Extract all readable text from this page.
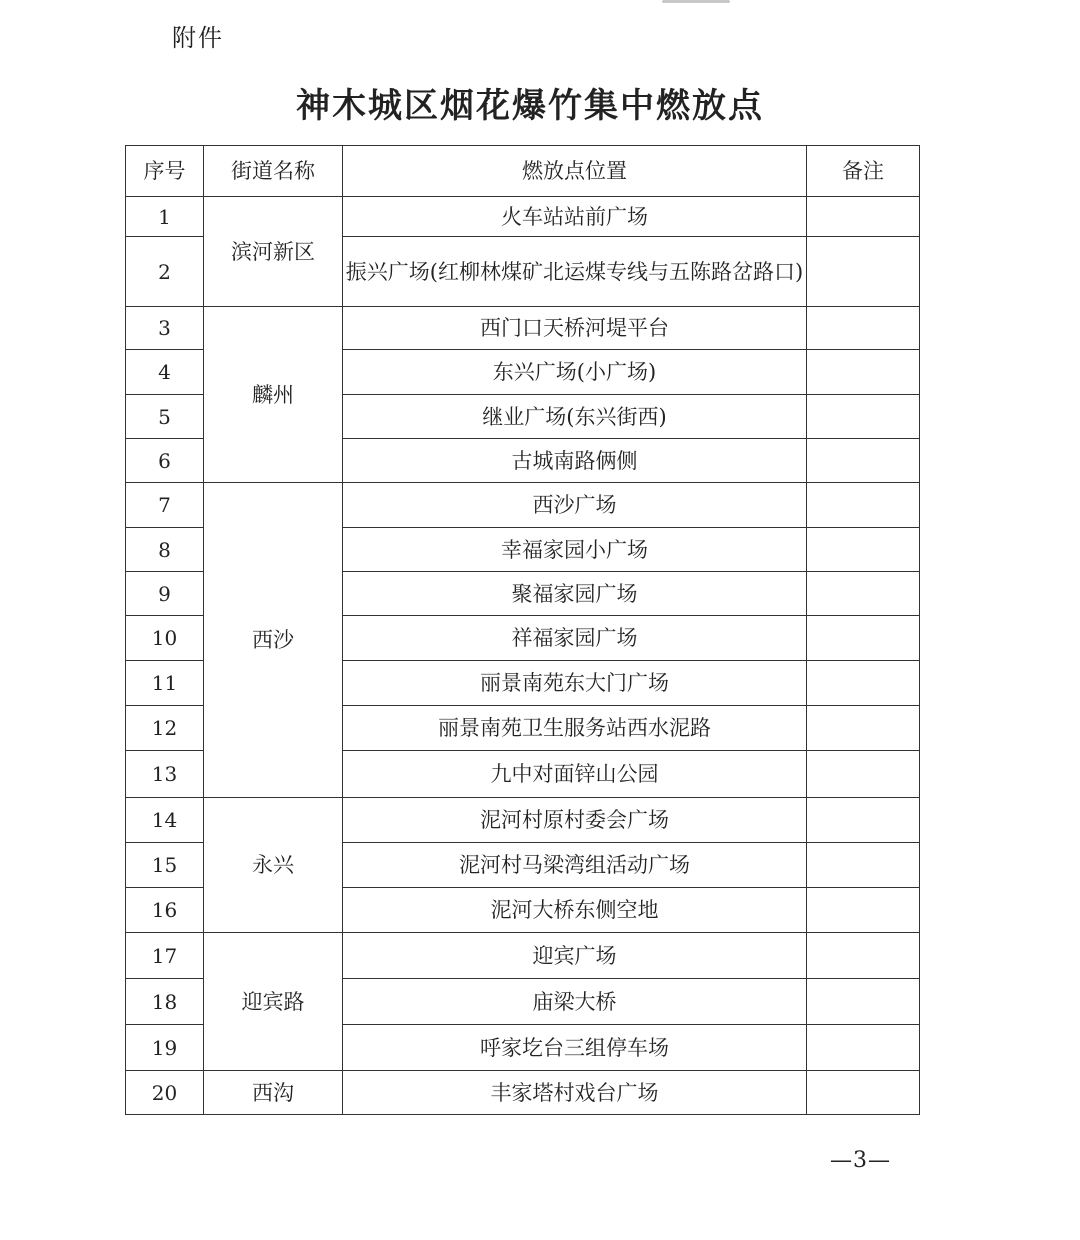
附件
神木城区烟花爆竹集中燃放点
序号	街道名称	燃放点位置	备注
1	滨河新区	火车站站前广场	
2		振兴广场(红柳林煤矿北运煤专线与五陈路岔路口)	
3	麟州	西门口天桥河堤平台	
4		东兴广场(小广场)	
5		继业广场(东兴街西)	
6		古城南路俩侧	
7	西沙	西沙广场	
8		幸福家园小广场	
9		聚福家园广场	
10		祥福家园广场	
11		丽景南苑东大门广场	
12		丽景南苑卫生服务站西水泥路	
13		九中对面锌山公园	
14	永兴	泥河村原村委会广场	
15		泥河村马梁湾组活动广场	
16		泥河大桥东侧空地	
17	迎宾路	迎宾广场	
18		庙梁大桥	
19		呼家圪台三组停车场	
20	西沟	丰家塔村戏台广场	
—3—
